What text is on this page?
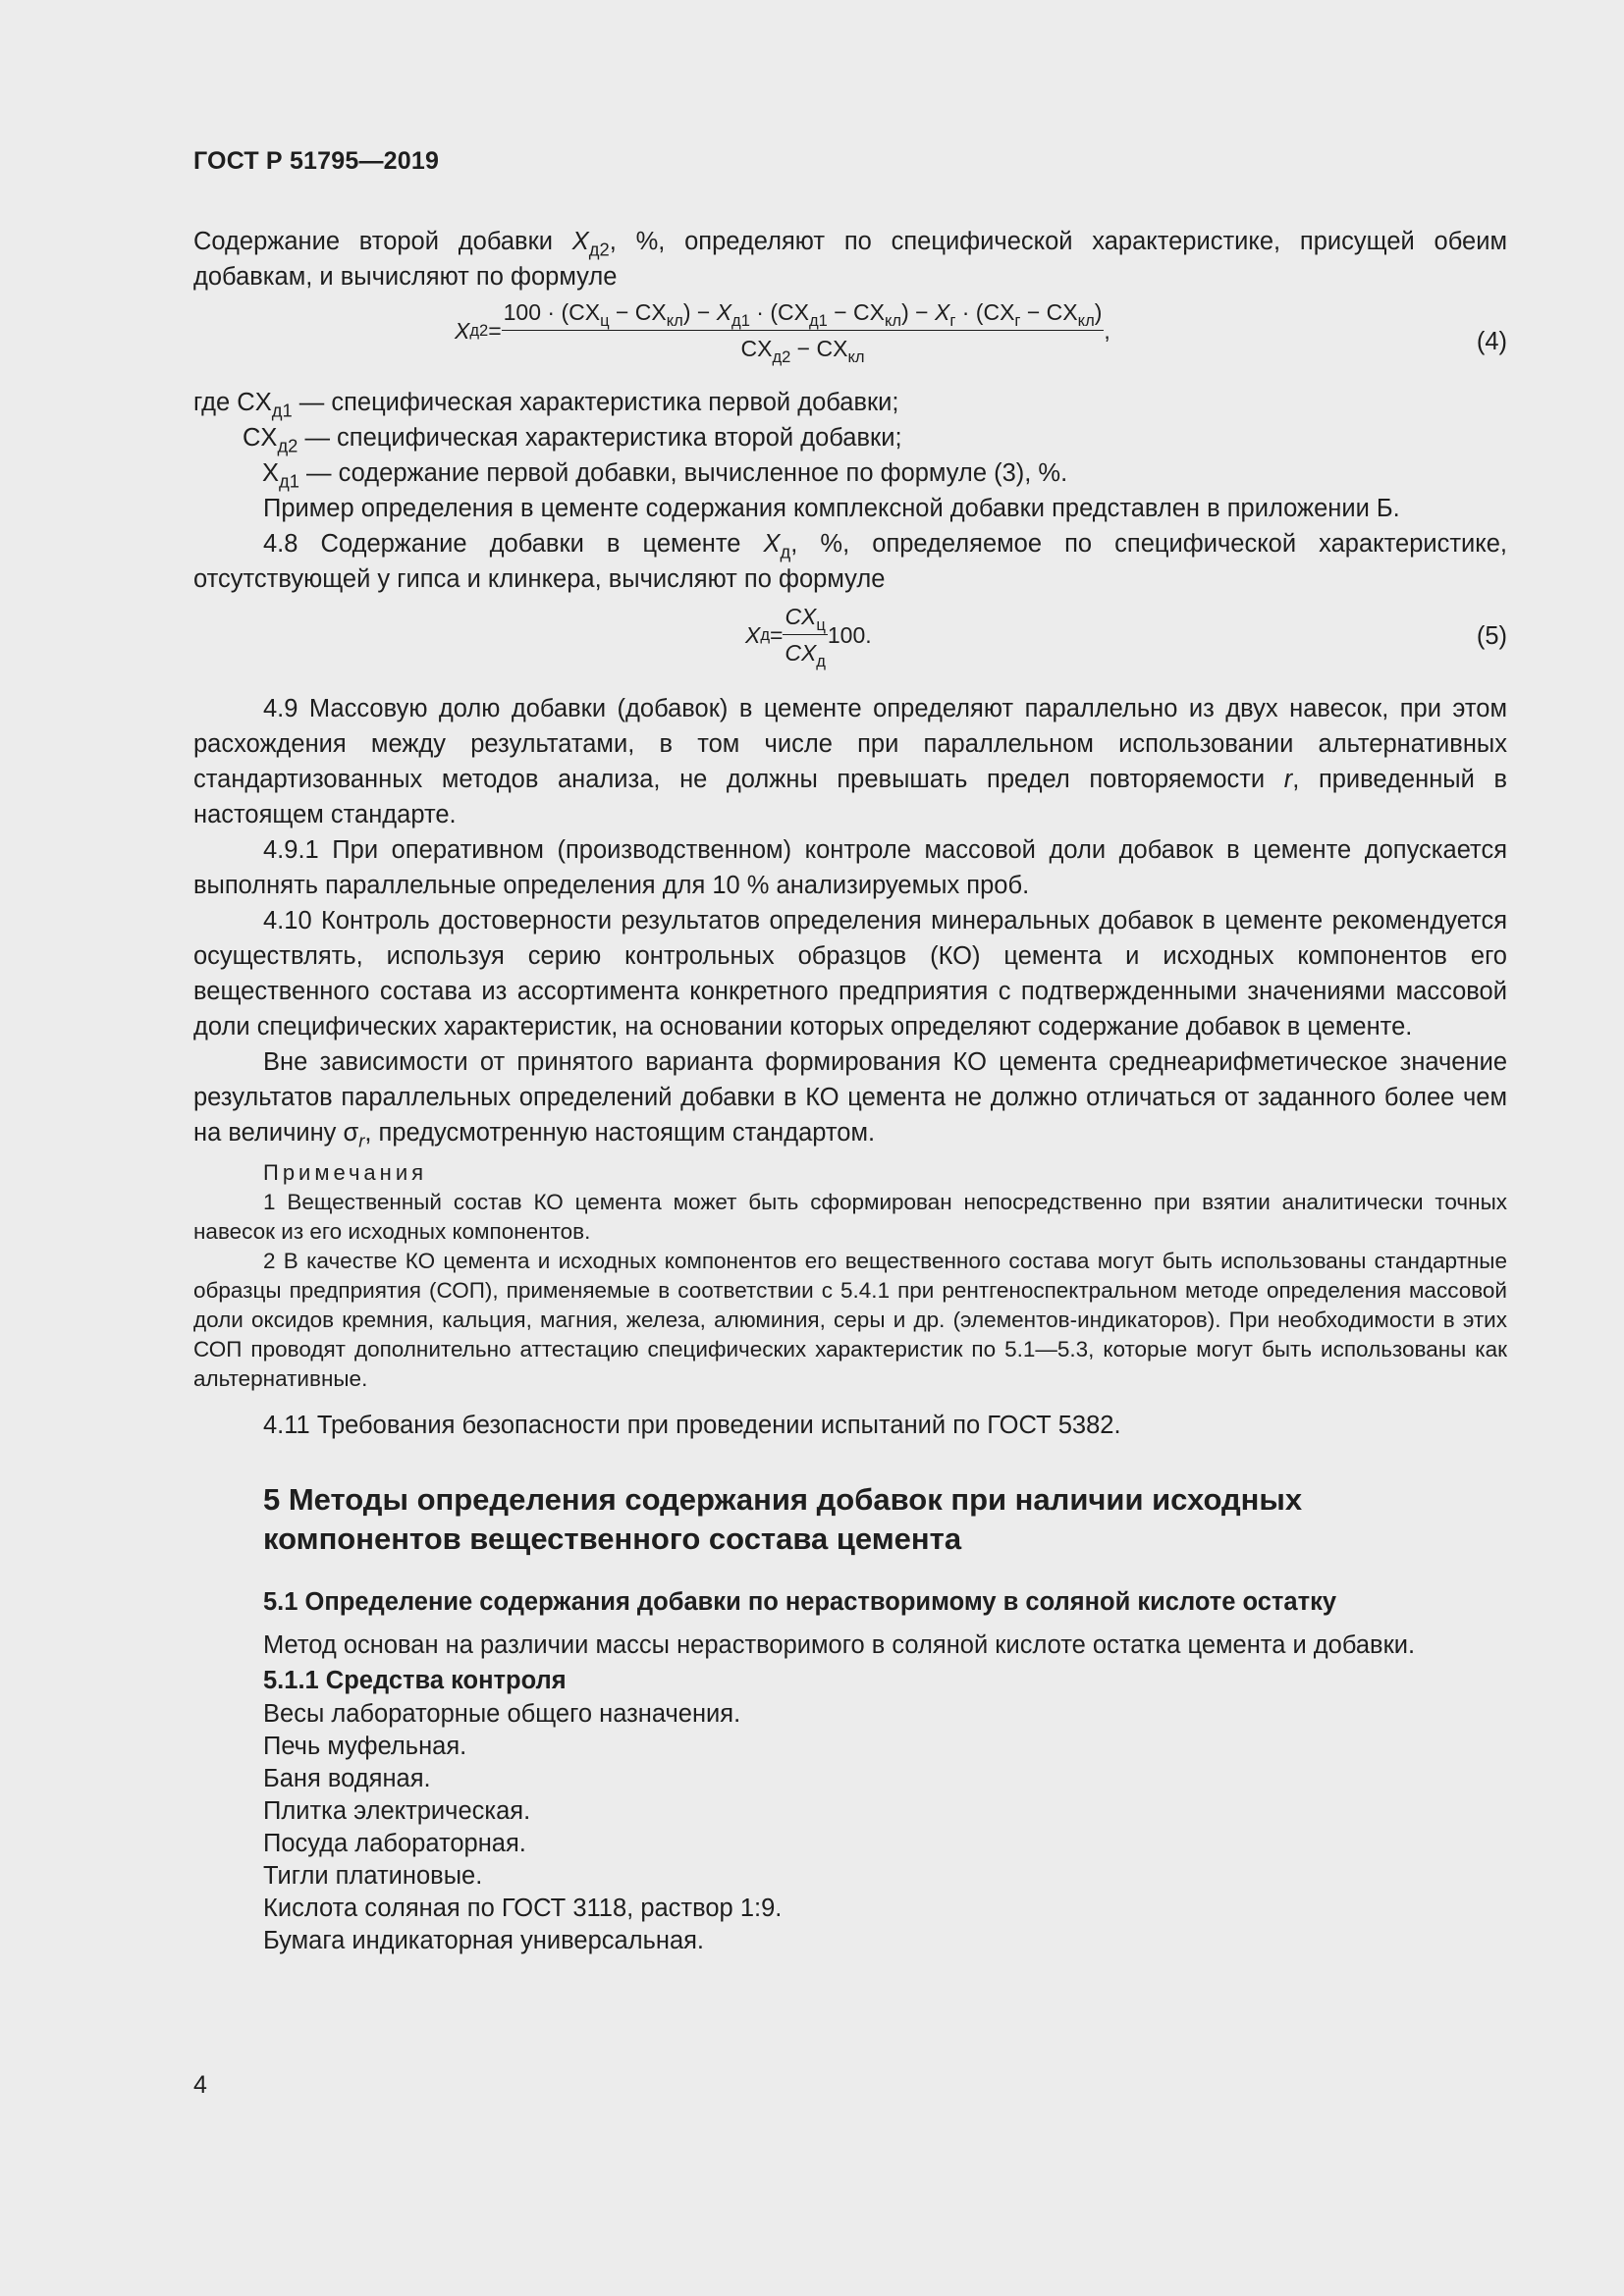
ГОСТ Р 51795—2019

Содержание второй добавки $X_{д2}$, %, определяют по специфической характеристике, присущей обеим добавкам, и вычисляют по формуле

X $д2 = \frac{100 \cdot (CX_ц - CX_{кл}) - X_{д1} \cdot (CX_{д1} - CX_{кл}) - X_г \cdot (CX_г - CX_{кл})}{CX_{д2} - CX_{кл}}$ ,	(4)
где $CX_{д1}$ — специфическая характеристика первой добавки;
$CX_{д2}$ — специфическая характеристика второй добавки;
$X_{д1}$ — содержание первой добавки, вычисленное по формуле (3), %.

Пример определения в цементе содержания комплексной добавки представлен в приложении Б.

4.8 Содержание добавки в цементе $X_д$, %, определяемое по специфической характеристике, отсутствующей у гипса и клинкера, вычисляют по формуле

X $д = \frac{CX_ц}{CX_д} 100$.	(5)

4.9 Массовую долю добавки (добавок) в цементе определяют параллельно из двух навесок, при этом расхождения между результатами, в том числе при параллельном использовании альтернативных стандартизованных методов анализа, не должны превышать предел повторяемости r, приведенный в настоящем стандарте.

4.9.1 При оперативном (производственном) контроле массовой доли добавок в цементе допускается выполнять параллельные определения для 10 % анализируемых проб.

4.10 Контроль достоверности результатов определения минеральных добавок в цементе рекомендуется осуществлять, используя серию контрольных образцов (КО) цемента и исходных компонентов его вещественного состава из ассортимента конкретного предприятия с подтвержденными значениями массовой доли специфических характеристик, на основании которых определяют содержание добавок в цементе.

Вне зависимости от принятого варианта формирования КО цемента среднеарифметическое значение результатов параллельных определений добавки в КО цемента не должно отличаться от заданного более чем на величину $\sigma_r$, предусмотренную настоящим стандартом.

Примечания

1 Вещественный состав КО цемента может быть сформирован непосредственно при взятии аналитически точных навесок из его исходных компонентов.

2 В качестве КО цемента и исходных компонентов его вещественного состава могут быть использованы стандартные образцы предприятия (СОП), применяемые в соответствии с 5.4.1 при рентгеноспектральном методе определения массовой доли оксидов кремния, кальция, магния, железа, алюминия, серы и др. (элементов-индикаторов). При необходимости в этих СОП проводят дополнительно аттестацию специфических характеристик по 5.1—5.3, которые могут быть использованы как альтернативные.

4.11 Требования безопасности при проведении испытаний по ГОСТ 5382.

5 Методы определения содержания добавок при наличии исходных компонентов вещественного состава цемента
5.1 Определение содержания добавки по нерастворимому в соляной кислоте остатку

Метод основан на различии массы нерастворимого в соляной кислоте остатка цемента и добавки.

5.1.1 Средства контроля

Весы лабораторные общего назначения.
Печь муфельная.
Баня водяная.
Плитка электрическая.
Посуда лабораторная.
Тигли платиновые.
Кислота соляная по ГОСТ 3118, раствор 1:9.
Бумага индикаторная универсальная.
4
